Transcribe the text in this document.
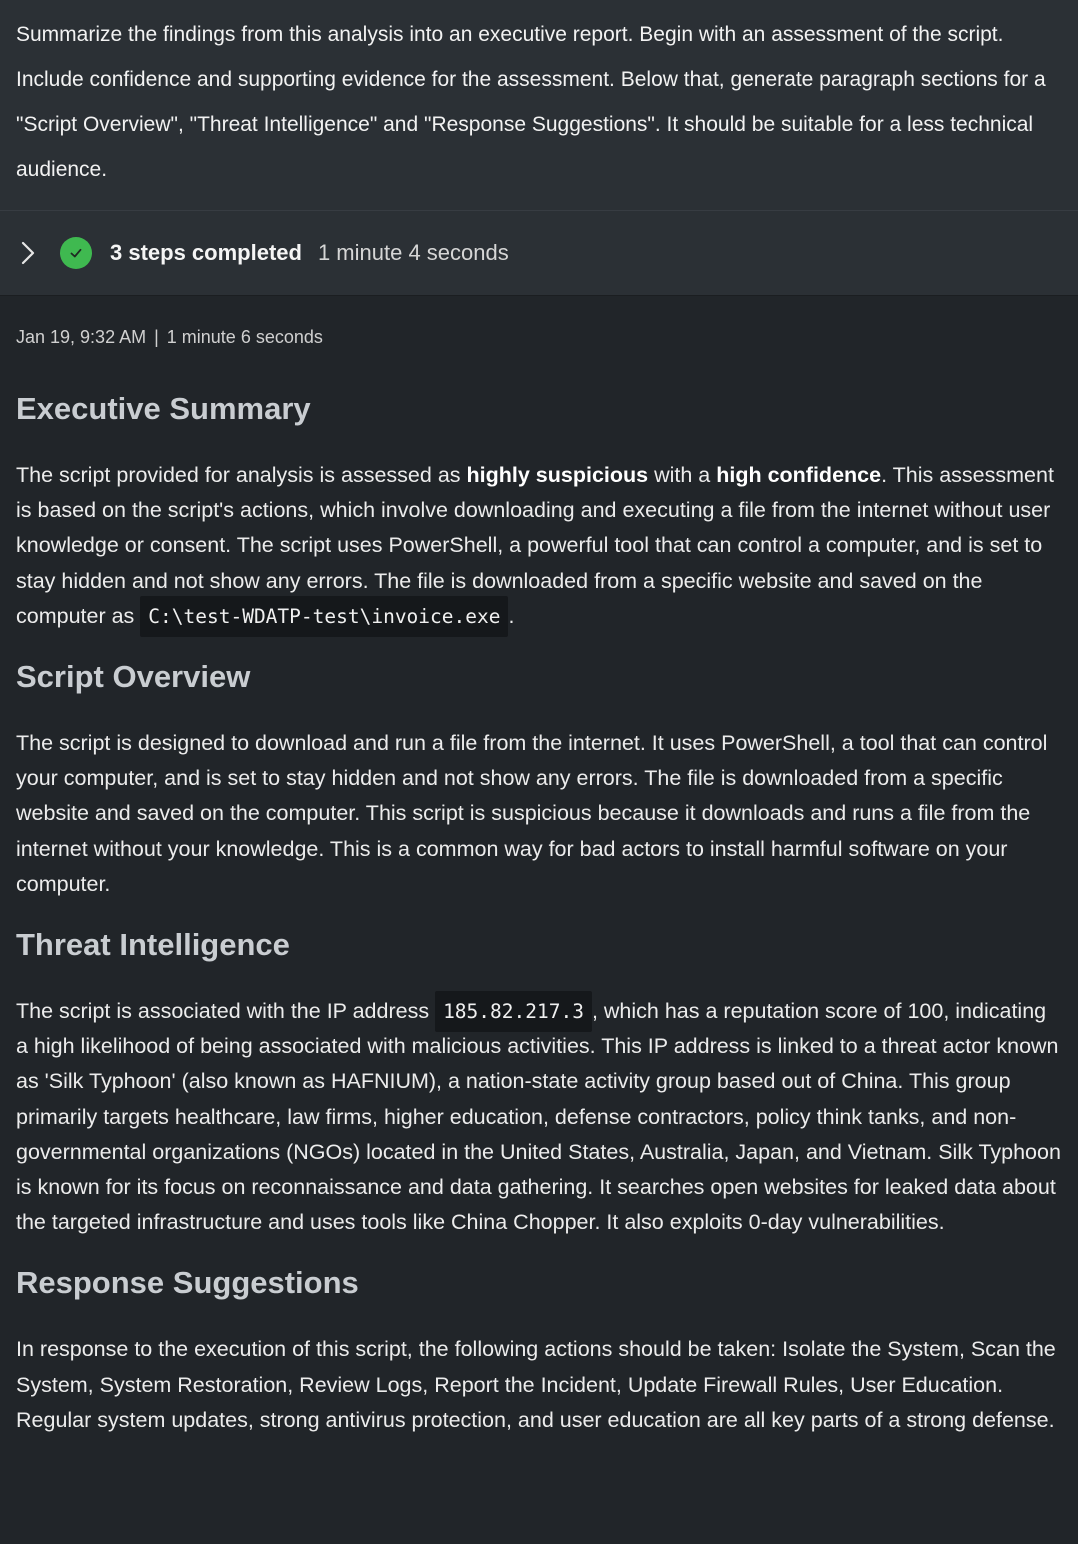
Summarize the findings from this analysis into an executive report. Begin with an assessment of the script. Include confidence and supporting evidence for the assessment. Below that, generate paragraph sections for a "Script Overview", "Threat Intelligence" and "Response Suggestions". It should be suitable for a less technical audience.
3 steps completed 1 minute 4 seconds
Jan 19, 9:32 AM | 1 minute 6 seconds
Executive Summary

The script provided for analysis is assessed as highly suspicious with a high confidence. This assessment is based on the script's actions, which involve downloading and executing a file from the internet without user knowledge or consent. The script uses PowerShell, a powerful tool that can control a computer, and is set to stay hidden and not show any errors. The file is downloaded from a specific website and saved on the computer as C:\test-WDATP-test\invoice.exe .

Script Overview

The script is designed to download and run a file from the internet. It uses PowerShell, a tool that can control your computer, and is set to stay hidden and not show any errors. The file is downloaded from a specific website and saved on the computer. This script is suspicious because it downloads and runs a file from the internet without your knowledge. This is a common way for bad actors to install harmful software on your computer.

Threat Intelligence

The script is associated with the IP address 185.82.217.3 , which has a reputation score of 100, indicating a high likelihood of being associated with malicious activities. This IP address is linked to a threat actor known as 'Silk Typhoon' (also known as HAFNIUM), a nation-state activity group based out of China. This group primarily targets healthcare, law firms, higher education, defense contractors, policy think tanks, and non-governmental organizations (NGOs) located in the United States, Australia, Japan, and Vietnam. Silk Typhoon is known for its focus on reconnaissance and data gathering. It searches open websites for leaked data about the targeted infrastructure and uses tools like China Chopper. It also exploits 0-day vulnerabilities.

Response Suggestions

In response to the execution of this script, the following actions should be taken: Isolate the System, Scan the System, System Restoration, Review Logs, Report the Incident, Update Firewall Rules, User Education. Regular system updates, strong antivirus protection, and user education are all key parts of a strong defense.
